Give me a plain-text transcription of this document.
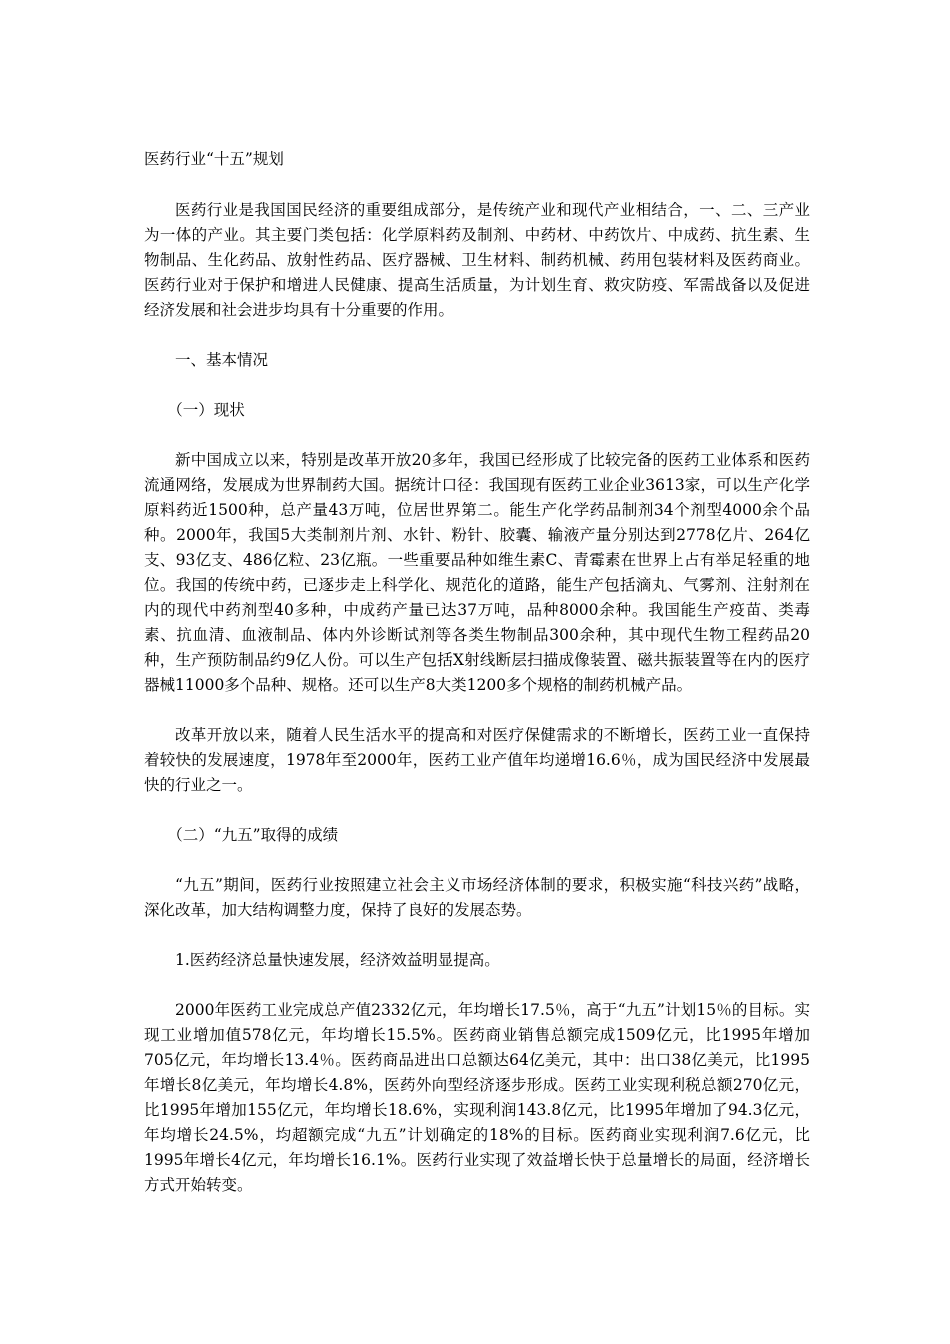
医药行业“十五”规划

医药行业是我国国民经济的重要组成部分，是传统产业和现代产业相结合，一、二、三产业为一体的产业。其主要门类包括：化学原料药及制剂、中药材、中药饮片、中成药、抗生素、生物制品、生化药品、放射性药品、医疗器械、卫生材料、制药机械、药用包装材料及医药商业。医药行业对于保护和增进人民健康、提高生活质量，为计划生育、救灾防疫、军需战备以及促进经济发展和社会进步均具有十分重要的作用。

一、基本情况

（一）现状

新中国成立以来，特别是改革开放20多年，我国已经形成了比较完备的医药工业体系和医药流通网络，发展成为世界制药大国。据统计口径：我国现有医药工业企业3613家，可以生产化学原料药近1500种，总产量43万吨，位居世界第二。能生产化学药品制剂34个剂型4000余个品种。2000年，我国5大类制剂片剂、水针、粉针、胶囊、输液产量分别达到2778亿片、264亿支、93亿支、486亿粒、23亿瓶。一些重要品种如维生素C、青霉素在世界上占有举足轻重的地位。我国的传统中药，已逐步走上科学化、规范化的道路，能生产包括滴丸、气雾剂、注射剂在内的现代中药剂型40多种，中成药产量已达37万吨，品种8000余种。我国能生产疫苗、类毒素、抗血清、血液制品、体内外诊断试剂等各类生物制品300余种，其中现代生物工程药品20种，生产预防制品约9亿人份。可以生产包括X射线断层扫描成像装置、磁共振装置等在内的医疗器械11000多个品种、规格。还可以生产8大类1200多个规格的制药机械产品。

改革开放以来，随着人民生活水平的提高和对医疗保健需求的不断增长，医药工业一直保持着较快的发展速度，1978年至2000年，医药工业产值年均递增16.6％，成为国民经济中发展最快的行业之一。

（二）“九五”取得的成绩

“九五”期间，医药行业按照建立社会主义市场经济体制的要求，积极实施“科技兴药”战略，深化改革，加大结构调整力度，保持了良好的发展态势。

1.医药经济总量快速发展，经济效益明显提高。

2000年医药工业完成总产值2332亿元，年均增长17.5％，高于“九五”计划15％的目标。实现工业增加值578亿元，年均增长15.5%。医药商业销售总额完成1509亿元，比1995年增加705亿元，年均增长13.4％。医药商品进出口总额达64亿美元，其中：出口38亿美元，比1995年增长8亿美元，年均增长4.8%，医药外向型经济逐步形成。医药工业实现利税总额270亿元，比1995年增加155亿元，年均增长18.6%，实现利润143.8亿元，比1995年增加了94.3亿元，年均增长24.5%，均超额完成“九五”计划确定的18%的目标。医药商业实现利润7.6亿元，比1995年增长4亿元，年均增长16.1%。医药行业实现了效益增长快于总量增长的局面，经济增长方式开始转变。
